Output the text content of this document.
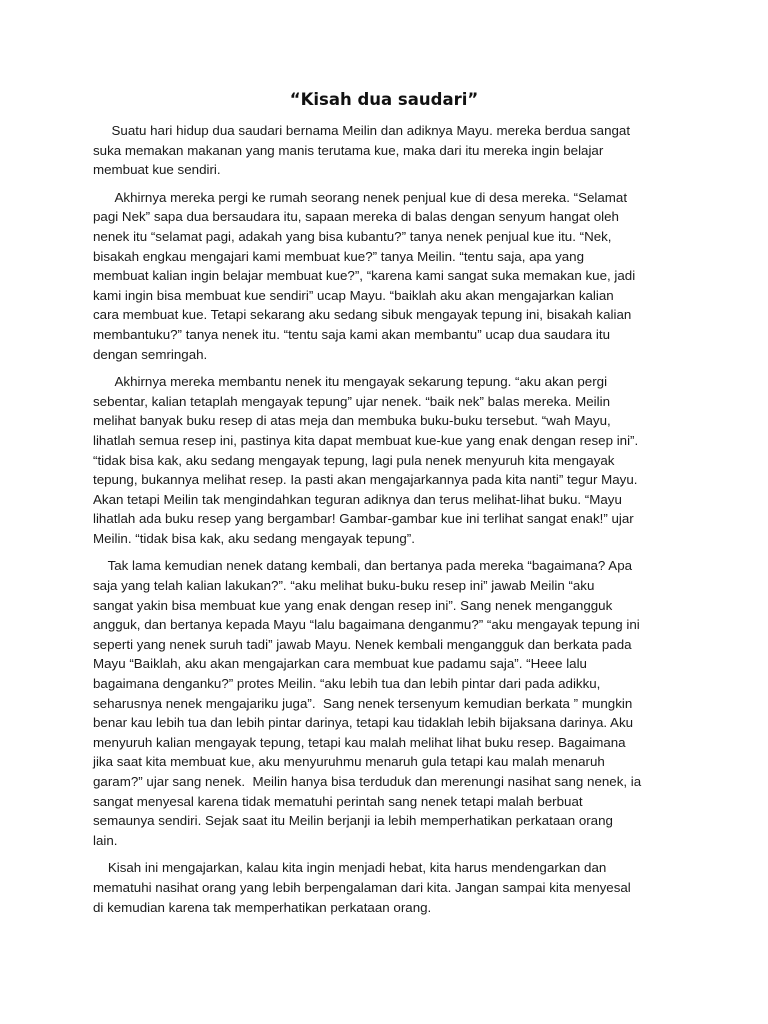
“Kisah dua saudari”

Suatu hari hidup dua saudari bernama Meilin dan adiknya Mayu. mereka berdua sangat
suka memakan makanan yang manis terutama kue, maka dari itu mereka ingin belajar
membuat kue sendiri.

Akhirnya mereka pergi ke rumah seorang nenek penjual kue di desa mereka. “Selamat
pagi Nek” sapa dua bersaudara itu, sapaan mereka di balas dengan senyum hangat oleh
nenek itu “selamat pagi, adakah yang bisa kubantu?” tanya nenek penjual kue itu. “Nek,
bisakah engkau mengajari kami membuat kue?” tanya Meilin. “tentu saja, apa yang
membuat kalian ingin belajar membuat kue?”, “karena kami sangat suka memakan kue, jadi
kami ingin bisa membuat kue sendiri” ucap Mayu. “baiklah aku akan mengajarkan kalian
cara membuat kue. Tetapi sekarang aku sedang sibuk mengayak tepung ini, bisakah kalian
membantuku?” tanya nenek itu. “tentu saja kami akan membantu” ucap dua saudara itu
dengan semringah.

Akhirnya mereka membantu nenek itu mengayak sekarung tepung. “aku akan pergi
sebentar, kalian tetaplah mengayak tepung” ujar nenek. “baik nek” balas mereka. Meilin
melihat banyak buku resep di atas meja dan membuka buku-buku tersebut. “wah Mayu,
lihatlah semua resep ini, pastinya kita dapat membuat kue-kue yang enak dengan resep ini”.
“tidak bisa kak, aku sedang mengayak tepung, lagi pula nenek menyuruh kita mengayak
tepung, bukannya melihat resep. Ia pasti akan mengajarkannya pada kita nanti” tegur Mayu.
Akan tetapi Meilin tak mengindahkan teguran adiknya dan terus melihat-lihat buku. “Mayu
lihatlah ada buku resep yang bergambar! Gambar-gambar kue ini terlihat sangat enak!” ujar
Meilin. “tidak bisa kak, aku sedang mengayak tepung”.

Tak lama kemudian nenek datang kembali, dan bertanya pada mereka “bagaimana? Apa
saja yang telah kalian lakukan?”. “aku melihat buku-buku resep ini” jawab Meilin “aku
sangat yakin bisa membuat kue yang enak dengan resep ini”. Sang nenek mengangguk
angguk, dan bertanya kepada Mayu “lalu bagaimana denganmu?” “aku mengayak tepung ini
seperti yang nenek suruh tadi” jawab Mayu. Nenek kembali mengangguk dan berkata pada
Mayu “Baiklah, aku akan mengajarkan cara membuat kue padamu saja”. “Heee lalu
bagaimana denganku?” protes Meilin. “aku lebih tua dan lebih pintar dari pada adikku,
seharusnya nenek mengajariku juga”.  Sang nenek tersenyum kemudian berkata ” mungkin
benar kau lebih tua dan lebih pintar darinya, tetapi kau tidaklah lebih bijaksana darinya. Aku
menyuruh kalian mengayak tepung, tetapi kau malah melihat lihat buku resep. Bagaimana
jika saat kita membuat kue, aku menyuruhmu menaruh gula tetapi kau malah menaruh
garam?” ujar sang nenek.  Meilin hanya bisa terduduk dan merenungi nasihat sang nenek, ia
sangat menyesal karena tidak mematuhi perintah sang nenek tetapi malah berbuat
semaunya sendiri. Sejak saat itu Meilin berjanji ia lebih memperhatikan perkataan orang
lain.

Kisah ini mengajarkan, kalau kita ingin menjadi hebat, kita harus mendengarkan dan
mematuhi nasihat orang yang lebih berpengalaman dari kita. Jangan sampai kita menyesal
di kemudian karena tak memperhatikan perkataan orang.
